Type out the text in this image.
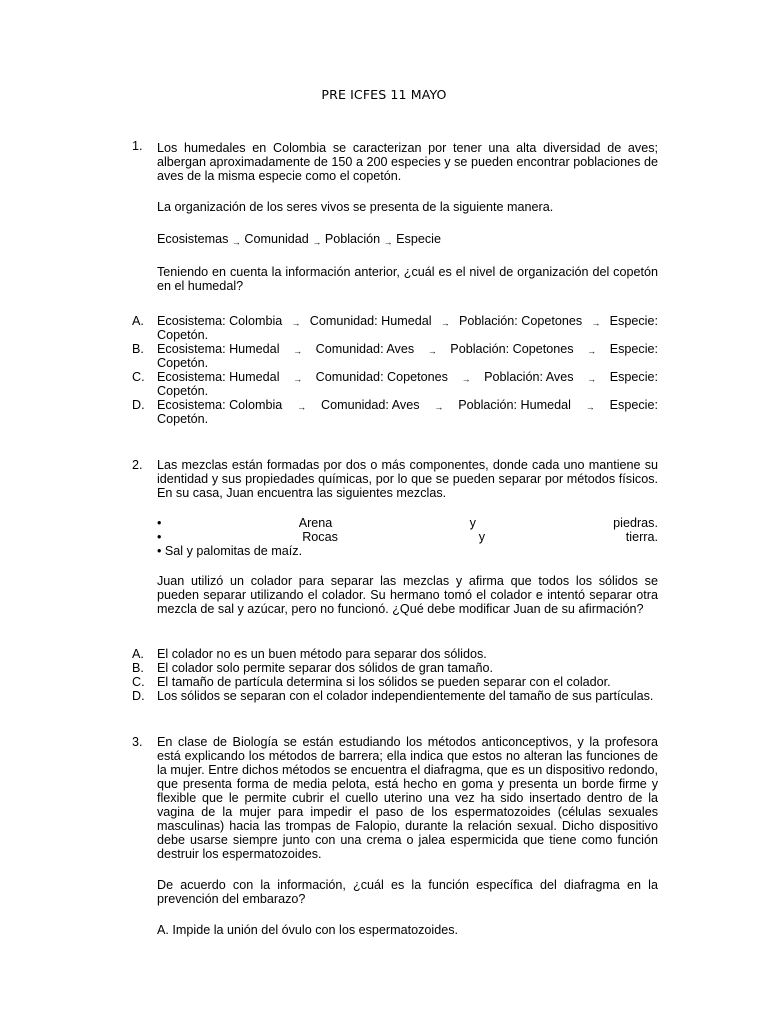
PRE ICFES 11 MAYO
1. Los humedales en Colombia se caracterizan por tener una alta diversidad de aves; albergan aproximadamente de 150 a 200 especies y se pueden encontrar poblaciones de aves de la misma especie como el copetón.

La organización de los seres vivos se presenta de la siguiente manera.

Ecosistemas → Comunidad → Población → Especie

Teniendo en cuenta la información anterior, ¿cuál es el nivel de organización del copetón en el humedal?

A. Ecosistema: Colombia → Comunidad: Humedal → Población: Copetones → Especie:
Copetón.
B. Ecosistema: Humedal → Comunidad: Aves → Población: Copetones → Especie:
Copetón.
C. Ecosistema: Humedal → Comunidad: Copetones → Población: Aves → Especie:
Copetón.
D. Ecosistema: Colombia → Comunidad: Aves → Población: Humedal → Especie:
Copetón.
2. Las mezclas están formadas por dos o más componentes, donde cada uno mantiene su identidad y sus propiedades químicas, por lo que se pueden separar por métodos físicos. En su casa, Juan encuentra las siguientes mezclas.

•	Arena	y	piedras.
•	Rocas	y	tierra.
• Sal y palomitas de maíz.

Juan utilizó un colador para separar las mezclas y afirma que todos los sólidos se pueden separar utilizando el colador. Su hermano tomó el colador e intentó separar otra mezcla de sal y azúcar, pero no funcionó. ¿Qué debe modificar Juan de su afirmación?

A. El colador no es un buen método para separar dos sólidos.
B. El colador solo permite separar dos sólidos de gran tamaño.
C. El tamaño de partícula determina si los sólidos se pueden separar con el colador.
D. Los sólidos se separan con el colador independientemente del tamaño de sus partículas.
3. En clase de Biología se están estudiando los métodos anticonceptivos, y la profesora está explicando los métodos de barrera; ella indica que estos no alteran las funciones de la mujer. Entre dichos métodos se encuentra el diafragma, que es un dispositivo redondo, que presenta forma de media pelota, está hecho en goma y presenta un borde firme y flexible que le permite cubrir el cuello uterino una vez ha sido insertado dentro de la vagina de la mujer para impedir el paso de los espermatozoides (células sexuales masculinas) hacia las trompas de Falopio, durante la relación sexual. Dicho dispositivo debe usarse siempre junto con una crema o jalea espermicida que tiene como función destruir los espermatozoides.

De acuerdo con la información, ¿cuál es la función específica del diafragma en la prevención del embarazo?

A. Impide la unión del óvulo con los espermatozoides.
